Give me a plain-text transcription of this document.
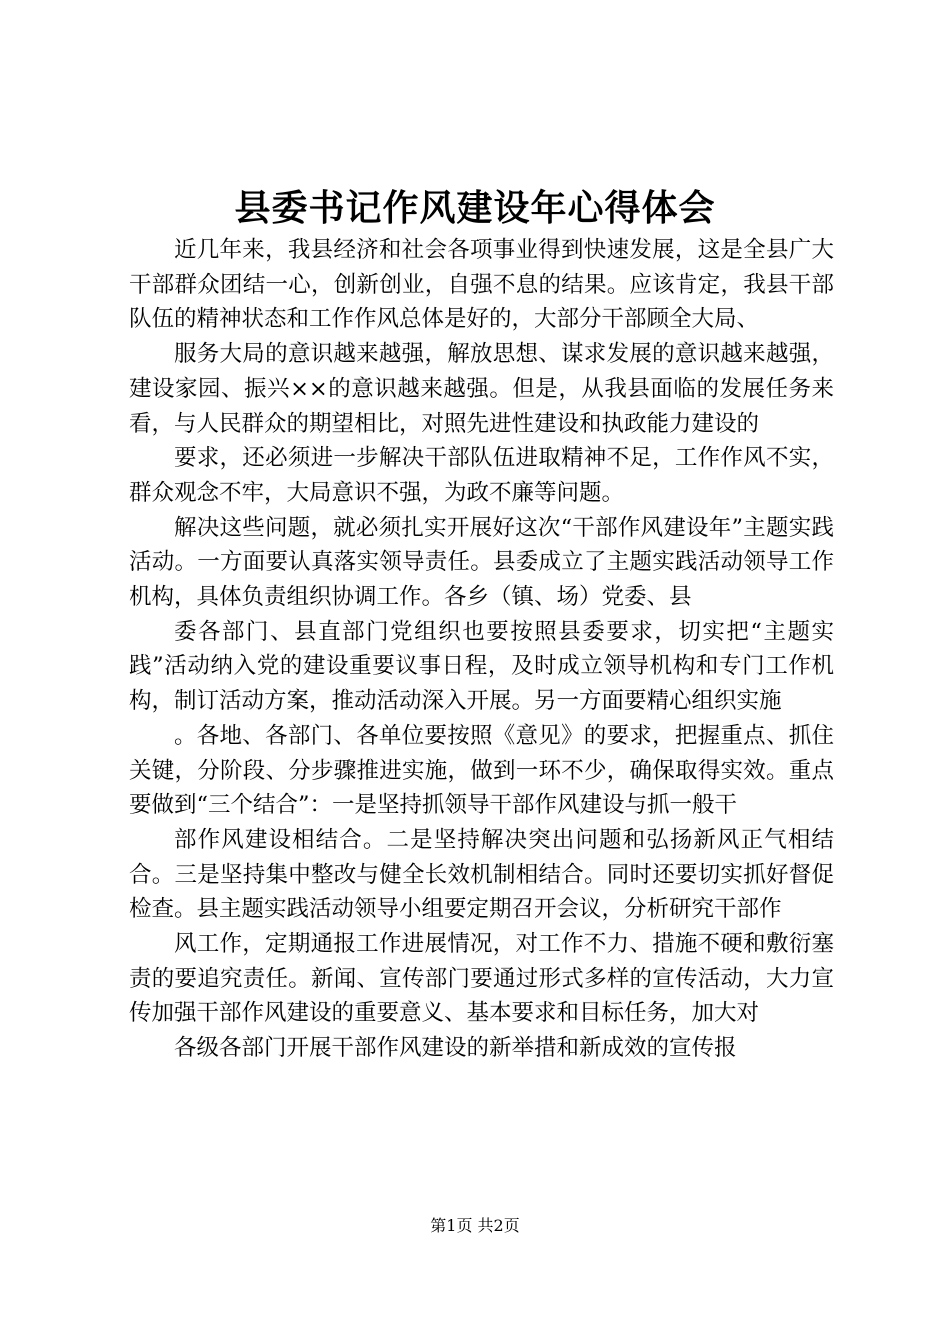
县委书记作风建设年心得体会

近几年来，我县经济和社会各项事业得到快速发展，这是全县广大干部群众团结一心，创新创业，自强不息的结果。应该肯定，我县干部队伍的精神状态和工作作风总体是好的，大部分干部顾全大局、

服务大局的意识越来越强，解放思想、谋求发展的意识越来越强，建设家园、振兴××的意识越来越强。但是，从我县面临的发展任务来看，与人民群众的期望相比，对照先进性建设和执政能力建设的

要求，还必须进一步解决干部队伍进取精神不足，工作作风不实，群众观念不牢，大局意识不强，为政不廉等问题。

解决这些问题，就必须扎实开展好这次“干部作风建设年”主题实践活动。一方面要认真落实领导责任。县委成立了主题实践活动领导工作机构，具体负责组织协调工作。各乡（镇、场）党委、县

委各部门、县直部门党组织也要按照县委要求，切实把“主题实践”活动纳入党的建设重要议事日程，及时成立领导机构和专门工作机构，制订活动方案，推动活动深入开展。另一方面要精心组织实施

。各地、各部门、各单位要按照《意见》的要求，把握重点、抓住关键，分阶段、分步骤推进实施，做到一环不少，确保取得实效。重点要做到“三个结合”：一是坚持抓领导干部作风建设与抓一般干

部作风建设相结合。二是坚持解决突出问题和弘扬新风正气相结合。三是坚持集中整改与健全长效机制相结合。同时还要切实抓好督促检查。县主题实践活动领导小组要定期召开会议，分析研究干部作

风工作，定期通报工作进展情况，对工作不力、措施不硬和敷衍塞责的要追究责任。新闻、宣传部门要通过形式多样的宣传活动，大力宣传加强干部作风建设的重要意义、基本要求和目标任务，加大对

各级各部门开展干部作风建设的新举措和新成效的宣传报

第1页 共2页
